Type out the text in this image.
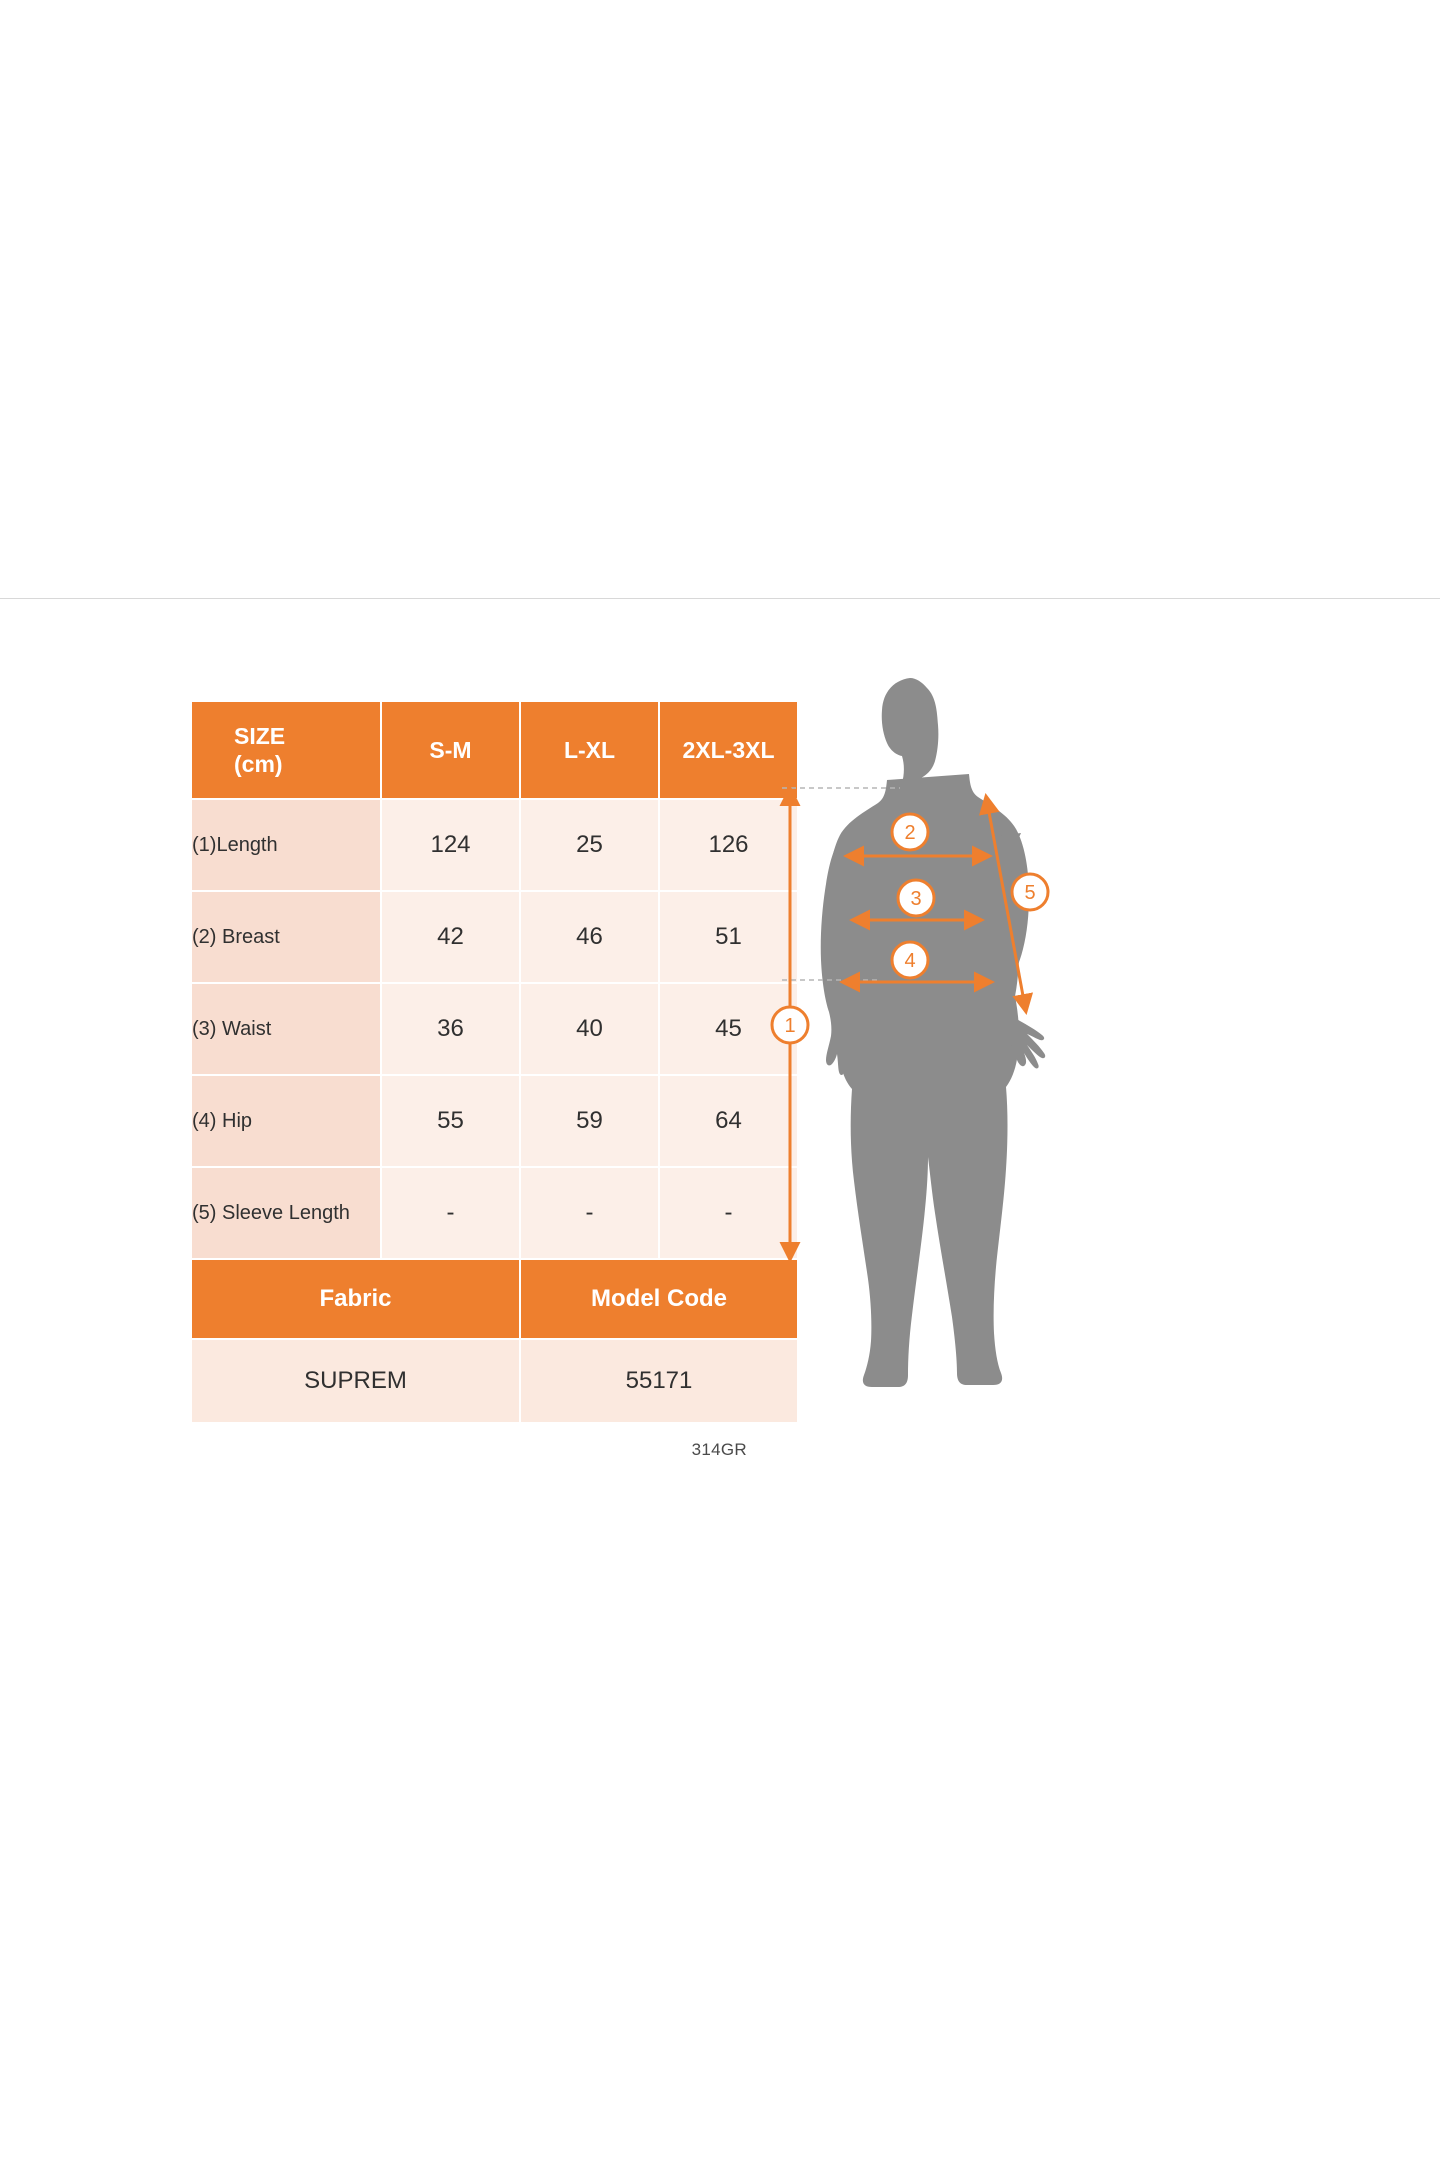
SIZE
(cm)	S-M	L-XL	2XL-3XL
(1)Length	124	25	126
(2) Breast	42	46	51
(3) Waist	36	40	45
(4) Hip	55	59	64
(5) Sleeve Length	-	-	-
Fabric		Model Code	
SUPREM		55171	
314GR
1
2
3
4
5
